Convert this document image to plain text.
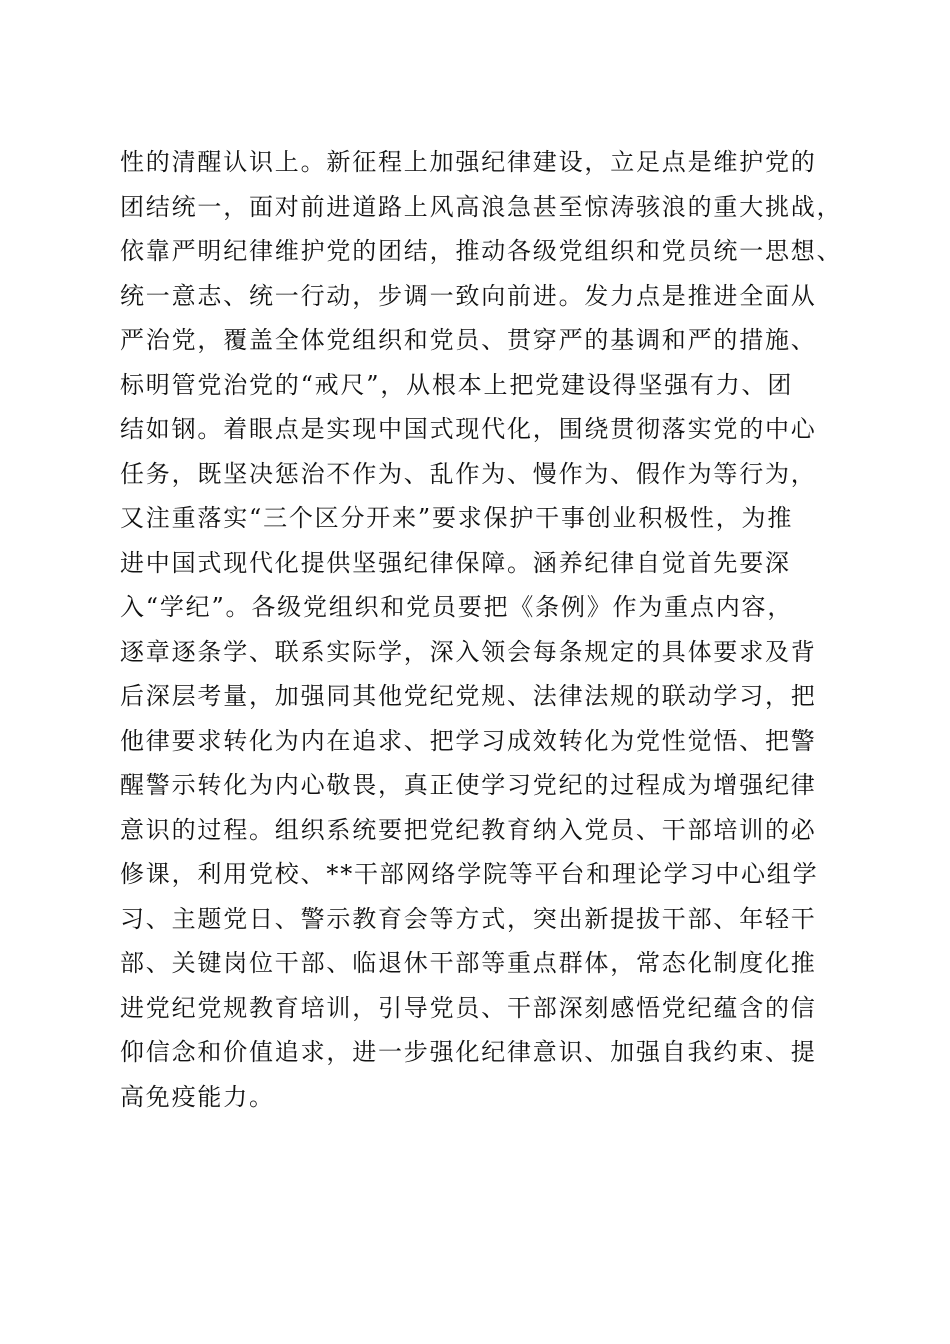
性的清醒认识上。新征程上加强纪律建设，立足点是维护党的
团结统一，面对前进道路上风高浪急甚至惊涛骇浪的重大挑战，
依靠严明纪律维护党的团结，推动各级党组织和党员统一思想、
统一意志、统一行动，步调一致向前进。发力点是推进全面从
严治党，覆盖全体党组织和党员、贯穿严的基调和严的措施、
标明管党治党的“戒尺”，从根本上把党建设得坚强有力、团
结如钢。着眼点是实现中国式现代化，围绕贯彻落实党的中心
任务，既坚决惩治不作为、乱作为、慢作为、假作为等行为，
又注重落实“三个区分开来”要求保护干事创业积极性，为推
进中国式现代化提供坚强纪律保障。涵养纪律自觉首先要深
入“学纪”。各级党组织和党员要把《条例》作为重点内容，
逐章逐条学、联系实际学，深入领会每条规定的具体要求及背
后深层考量，加强同其他党纪党规、法律法规的联动学习，把
他律要求转化为内在追求、把学习成效转化为党性觉悟、把警
醒警示转化为内心敬畏，真正使学习党纪的过程成为增强纪律
意识的过程。组织系统要把党纪教育纳入党员、干部培训的必
修课，利用党校、**干部网络学院等平台和理论学习中心组学
习、主题党日、警示教育会等方式，突出新提拔干部、年轻干
部、关键岗位干部、临退休干部等重点群体，常态化制度化推
进党纪党规教育培训，引导党员、干部深刻感悟党纪蕴含的信
仰信念和价值追求，进一步强化纪律意识、加强自我约束、提
高免疫能力。
